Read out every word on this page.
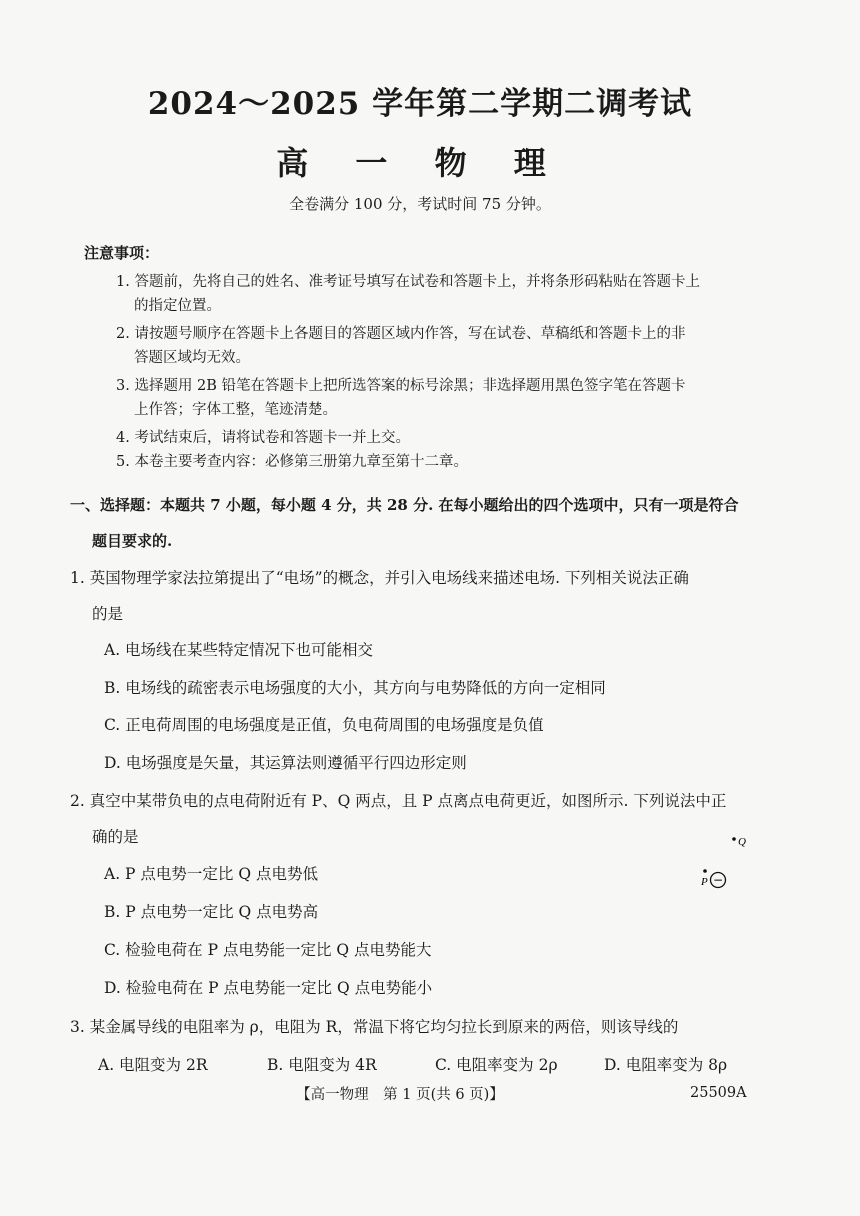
2024～2025 学年第二学期二调考试
高 一 物 理
全卷满分 100 分，考试时间 75 分钟。
注意事项：
1. 答题前，先将自己的姓名、准考证号填写在试卷和答题卡上，并将条形码粘贴在答题卡上
的指定位置。
2. 请按题号顺序在答题卡上各题目的答题区域内作答，写在试卷、草稿纸和答题卡上的非
答题区域均无效。
3. 选择题用 2B 铅笔在答题卡上把所选答案的标号涂黑；非选择题用黑色签字笔在答题卡
上作答；字体工整，笔迹清楚。
4. 考试结束后，请将试卷和答题卡一并上交。
5. 本卷主要考查内容：必修第三册第九章至第十二章。
一、选择题：本题共 7 小题，每小题 4 分，共 28 分. 在每小题给出的四个选项中，只有一项是符合
题目要求的.
1. 英国物理学家法拉第提出了“电场”的概念，并引入电场线来描述电场. 下列相关说法正确
的是
A. 电场线在某些特定情况下也可能相交
B. 电场线的疏密表示电场强度的大小，其方向与电势降低的方向一定相同
C. 正电荷周围的电场强度是正值，负电荷周围的电场强度是负值
D. 电场强度是矢量，其运算法则遵循平行四边形定则
2. 真空中某带负电的点电荷附近有 P、Q 两点，且 P 点离点电荷更近，如图所示. 下列说法中正
确的是
A. P 点电势一定比 Q 点电势低
B. P 点电势一定比 Q 点电势高
C. 检验电荷在 P 点电势能一定比 Q 点电势能大
D. 检验电荷在 P 点电势能一定比 Q 点电势能小
Q
P −
3. 某金属导线的电阻率为 ρ，电阻为 R，常温下将它均匀拉长到原来的两倍，则该导线的
A. 电阻变为 2R	B. 电阻变为 4R	C. 电阻率变为 2ρ	D. 电阻率变为 8ρ
【高一物理　第 1 页(共 6 页)】	25509A
